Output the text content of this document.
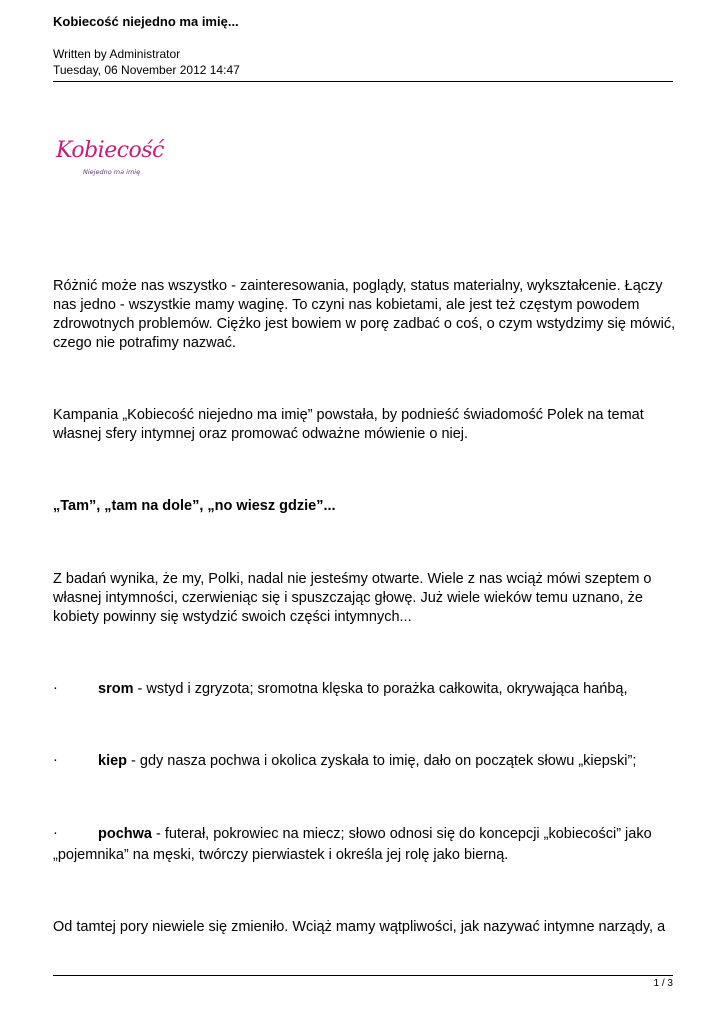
Kobiecość niejedno ma imię...
Written by Administrator
Tuesday, 06 November 2012 14:47
Kobiecość
Niejedno ma imię
Różnić może nas wszystko - zainteresowania, poglądy, status materialny, wykształcenie. Łączy nas jedno - wszystkie mamy waginę. To czyni nas kobietami, ale jest też częstym powodem zdrowotnych problemów. Ciężko jest bowiem w porę zadbać o coś, o czym wstydzimy się mówić, czego nie potrafimy nazwać.
Kampania „Kobiecość niejedno ma imię” powstała, by podnieść świadomość Polek na temat własnej sfery intymnej oraz promować odważne mówienie o niej.
„Tam”, „tam na dole”, „no wiesz gdzie”...
Z badań wynika, że my, Polki, nadal nie jesteśmy otwarte. Wiele z nas wciąż mówi szeptem o własnej intymności, czerwieniąc się i spuszczając głowę. Już wiele wieków temu uznano, że kobiety powinny się wstydzić swoich części intymnych...
·	srom - wstyd i zgryzota; sromotna klęska to porażka całkowita, okrywająca hańbą,
·	kiep - gdy nasza pochwa i okolica zyskała to imię, dało on początek słowu „kiepski”;
·	pochwa - futerał, pokrowiec na miecz; słowo odnosi się do koncepcji „kobiecości” jako
„pojemnika” na męski, twórczy pierwiastek i określa jej rolę jako bierną.
Od tamtej pory niewiele się zmieniło. Wciąż mamy wątpliwości, jak nazywać intymne narządy, a
1 / 3
